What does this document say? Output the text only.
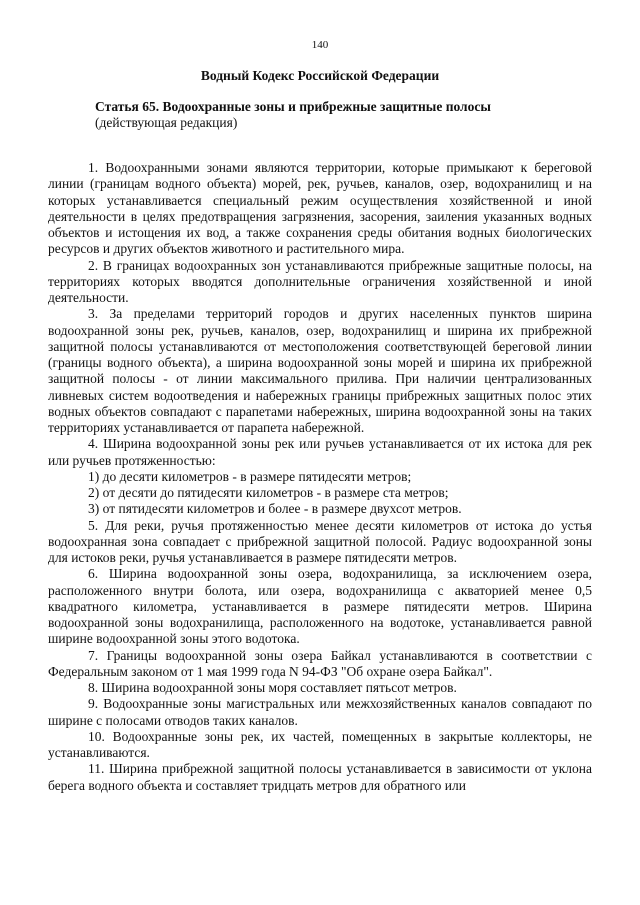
140
Водный Кодекс Российской Федерации
Статья 65. Водоохранные зоны и прибрежные защитные полосы
(действующая редакция)

1. Водоохранными зонами являются территории, которые примыкают к береговой линии (границам водного объекта) морей, рек, ручьев, каналов, озер, водохранилищ и на которых устанавливается специальный режим осуществления хозяйственной и иной деятельности в целях предотвращения загрязнения, засорения, заиления указанных водных объектов и истощения их вод, а также сохранения среды обитания водных биологических ресурсов и других объектов животного и растительного мира.

2. В границах водоохранных зон устанавливаются прибрежные защитные полосы, на территориях которых вводятся дополнительные ограничения хозяйственной и иной деятельности.

3. За пределами территорий городов и других населенных пунктов ширина водоохранной зоны рек, ручьев, каналов, озер, водохранилищ и ширина их прибрежной защитной полосы устанавливаются от местоположения соответствующей береговой линии (границы водного объекта), а ширина водоохранной зоны морей и ширина их прибрежной защитной полосы - от линии максимального прилива. При наличии централизованных ливневых систем водоотведения и набережных границы прибрежных защитных полос этих водных объектов совпадают с парапетами набережных, ширина водоохранной зоны на таких территориях устанавливается от парапета набережной.

4. Ширина водоохранной зоны рек или ручьев устанавливается от их истока для рек или ручьев протяженностью:

1) до десяти километров - в размере пятидесяти метров;

2) от десяти до пятидесяти километров - в размере ста метров;

3) от пятидесяти километров и более - в размере двухсот метров.

5. Для реки, ручья протяженностью менее десяти километров от истока до устья водоохранная зона совпадает с прибрежной защитной полосой. Радиус водоохранной зоны для истоков реки, ручья устанавливается в размере пятидесяти метров.

6. Ширина водоохранной зоны озера, водохранилища, за исключением озера, расположенного внутри болота, или озера, водохранилища с акваторией менее 0,5 квадратного километра, устанавливается в размере пятидесяти метров. Ширина водоохранной зоны водохранилища, расположенного на водотоке, устанавливается равной ширине водоохранной зоны этого водотока.

7. Границы водоохранной зоны озера Байкал устанавливаются в соответствии с Федеральным законом от 1 мая 1999 года N 94-ФЗ "Об охране озера Байкал".

8. Ширина водоохранной зоны моря составляет пятьсот метров.

9. Водоохранные зоны магистральных или межхозяйственных каналов совпадают по ширине с полосами отводов таких каналов.

10. Водоохранные зоны рек, их частей, помещенных в закрытые коллекторы, не устанавливаются.

11. Ширина прибрежной защитной полосы устанавливается в зависимости от уклона берега водного объекта и составляет тридцать метров для обратного или
